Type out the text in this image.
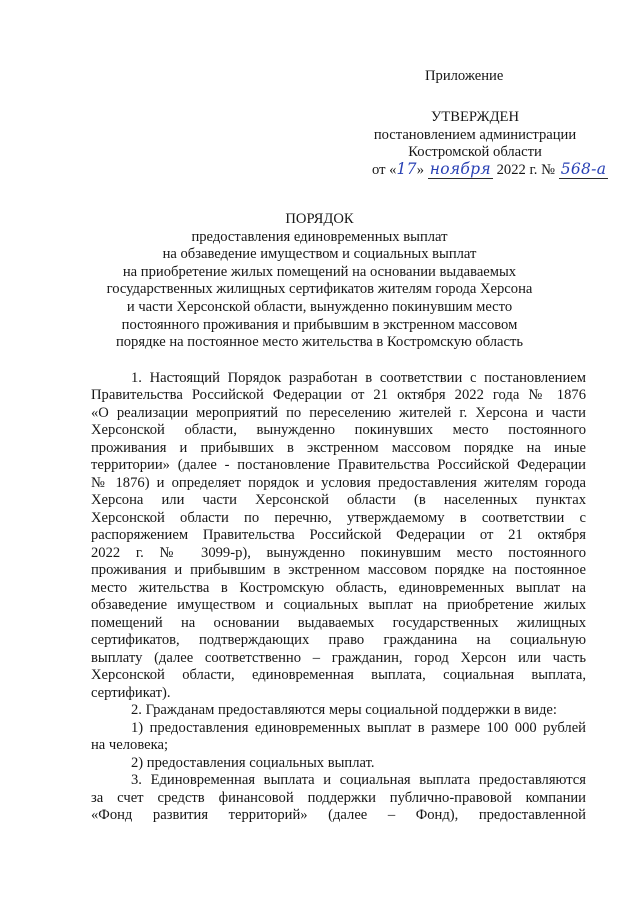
Приложение
УТВЕРЖДЕН
постановлением администрации
Костромской области
от «17» ноября 2022 г. № 568-а
ПОРЯДОК
предоставления единовременных выплат
на обзаведение имуществом и социальных выплат
на приобретение жилых помещений на основании выдаваемых
государственных жилищных сертификатов жителям города Херсона
и части Херсонской области, вынужденно покинувшим место
постоянного проживания и прибывшим в экстренном массовом
порядке на постоянное место жительства в Костромскую область
1. Настоящий Порядок разработан в соответствии с постановлением
Правительства Российской Федерации от 21 октября 2022 года № 1876
«О реализации мероприятий по переселению жителей г. Херсона и части
Херсонской области, вынужденно покинувших место постоянного
проживания и прибывших в экстренном массовом порядке на иные
территории» (далее - постановление Правительства Российской Федерации
№ 1876) и определяет порядок и условия предоставления жителям города
Херсона или части Херсонской области (в населенных пунктах
Херсонской области по перечню, утверждаемому в соответствии с
распоряжением Правительства Российской Федерации от 21 октября
2022 г. № 3099-р), вынужденно покинувшим место постоянного
проживания и прибывшим в экстренном массовом порядке на постоянное
место жительства в Костромскую область, единовременных выплат на
обзаведение имуществом и социальных выплат на приобретение жилых
помещений на основании выдаваемых государственных жилищных
сертификатов, подтверждающих право гражданина на социальную
выплату (далее соответственно – гражданин, город Херсон или часть
Херсонской области, единовременная выплата, социальная выплата,
сертификат).
2. Гражданам предоставляются меры социальной поддержки в виде:
1) предоставления единовременных выплат в размере 100 000 рублей
на человека;
2) предоставления социальных выплат.
3. Единовременная выплата и социальная выплата предоставляются
за счет средств финансовой поддержки публично-правовой компании
«Фонд развития территорий» (далее – Фонд), предоставленной
